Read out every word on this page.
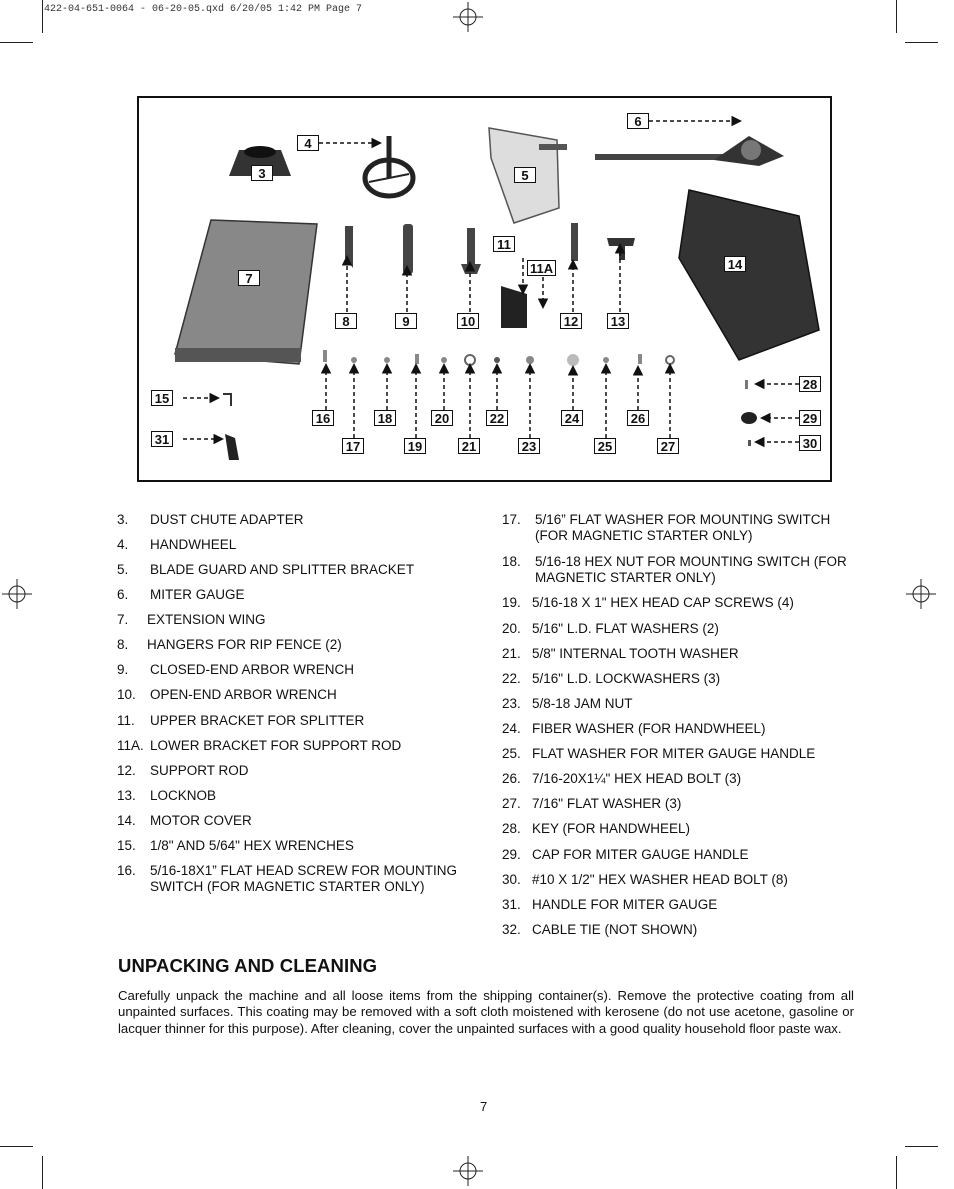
422-04-651-0064 - 06-20-05.qxd 6/20/05 1:42 PM Page 7
3
4
5
6
7
8	9	10
11
11A
12	13
14
15
16
17
18
19
20
21
22
23
24
25
26
27
28
29
30
31
3. DUST CHUTE ADAPTER
4. HANDWHEEL
5. BLADE GUARD AND SPLITTER BRACKET
6. MITER GAUGE
7. EXTENSION WING
8. HANGERS FOR RIP FENCE (2)
9. CLOSED-END ARBOR WRENCH
10. OPEN-END ARBOR WRENCH
11. UPPER BRACKET FOR SPLITTER
11A. LOWER BRACKET FOR SUPPORT ROD
12. SUPPORT ROD
13. LOCKNOB
14. MOTOR COVER
15. 1/8" AND 5/64" HEX WRENCHES
16. 5/16-18X1” FLAT HEAD SCREW FOR MOUNTING SWITCH (FOR MAGNETIC STARTER ONLY)
17. 5/16” FLAT WASHER FOR MOUNTING SWITCH (FOR MAGNETIC STARTER ONLY)
18. 5/16-18 HEX NUT FOR MOUNTING SWITCH (FOR MAGNETIC STARTER ONLY)
19. 5/16-18 X 1" HEX HEAD CAP SCREWS (4)
20. 5/16" L.D. FLAT WASHERS (2)
21. 5/8" INTERNAL TOOTH WASHER
22. 5/16" L.D. LOCKWASHERS (3)
23. 5/8-18 JAM NUT
24. FIBER WASHER (FOR HANDWHEEL)
25. FLAT WASHER FOR MITER GAUGE HANDLE
26. 7/16-20X1¼" HEX HEAD BOLT (3)
27. 7/16" FLAT WASHER (3)
28. KEY (FOR HANDWHEEL)
29. CAP FOR MITER GAUGE HANDLE
30. #10 X 1/2" HEX WASHER HEAD BOLT (8)
31. HANDLE FOR MITER GAUGE
32. CABLE TIE (NOT SHOWN)
UNPACKING AND CLEANING
Carefully unpack the machine and all loose items from the shipping container(s). Remove the protective coating from all unpainted surfaces. This coating may be removed with a soft cloth moistened with kerosene (do not use acetone, gasoline or lacquer thinner for this purpose). After cleaning, cover the unpainted surfaces with a good quality household floor paste wax.
7
